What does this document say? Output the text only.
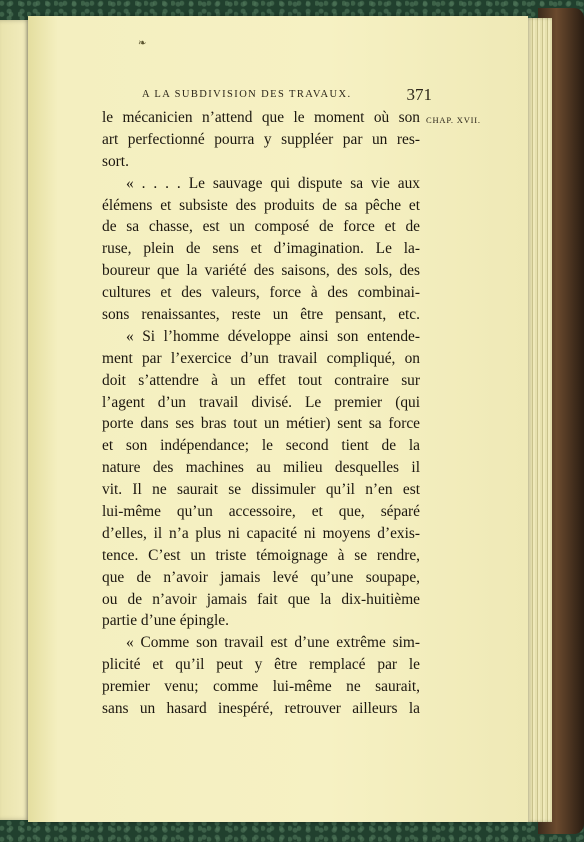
❧
A LA SUBDIVISION DES TRAVAUX.	371
CHAP. XVII.
le mécanicien n’attend que le moment où son
art perfectionné pourra y suppléer par un res-
sort.
« . . . . Le sauvage qui dispute sa vie aux
élémens et subsiste des produits de sa pêche et
de sa chasse, est un composé de force et de
ruse, plein de sens et d’imagination. Le la-
boureur que la variété des saisons, des sols, des
cultures et des valeurs, force à des combinai-
sons renaissantes, reste un être pensant, etc.
« Si l’homme développe ainsi son entende-
ment par l’exercice d’un travail compliqué, on
doit s’attendre à un effet tout contraire sur
l’agent d’un travail divisé. Le premier (qui
porte dans ses bras tout un métier) sent sa force
et son indépendance; le second tient de la
nature des machines au milieu desquelles il
vit. Il ne saurait se dissimuler qu’il n’en est
lui-même qu’un accessoire, et que, séparé
d’elles, il n’a plus ni capacité ni moyens d’exis-
tence. C’est un triste témoignage à se rendre,
que de n’avoir jamais levé qu’une soupape,
ou de n’avoir jamais fait que la dix-huitième
partie d’une épingle.
« Comme son travail est d’une extrême sim-
plicité et qu’il peut y être remplacé par le
premier venu; comme lui-même ne saurait,
sans un hasard inespéré, retrouver ailleurs la
